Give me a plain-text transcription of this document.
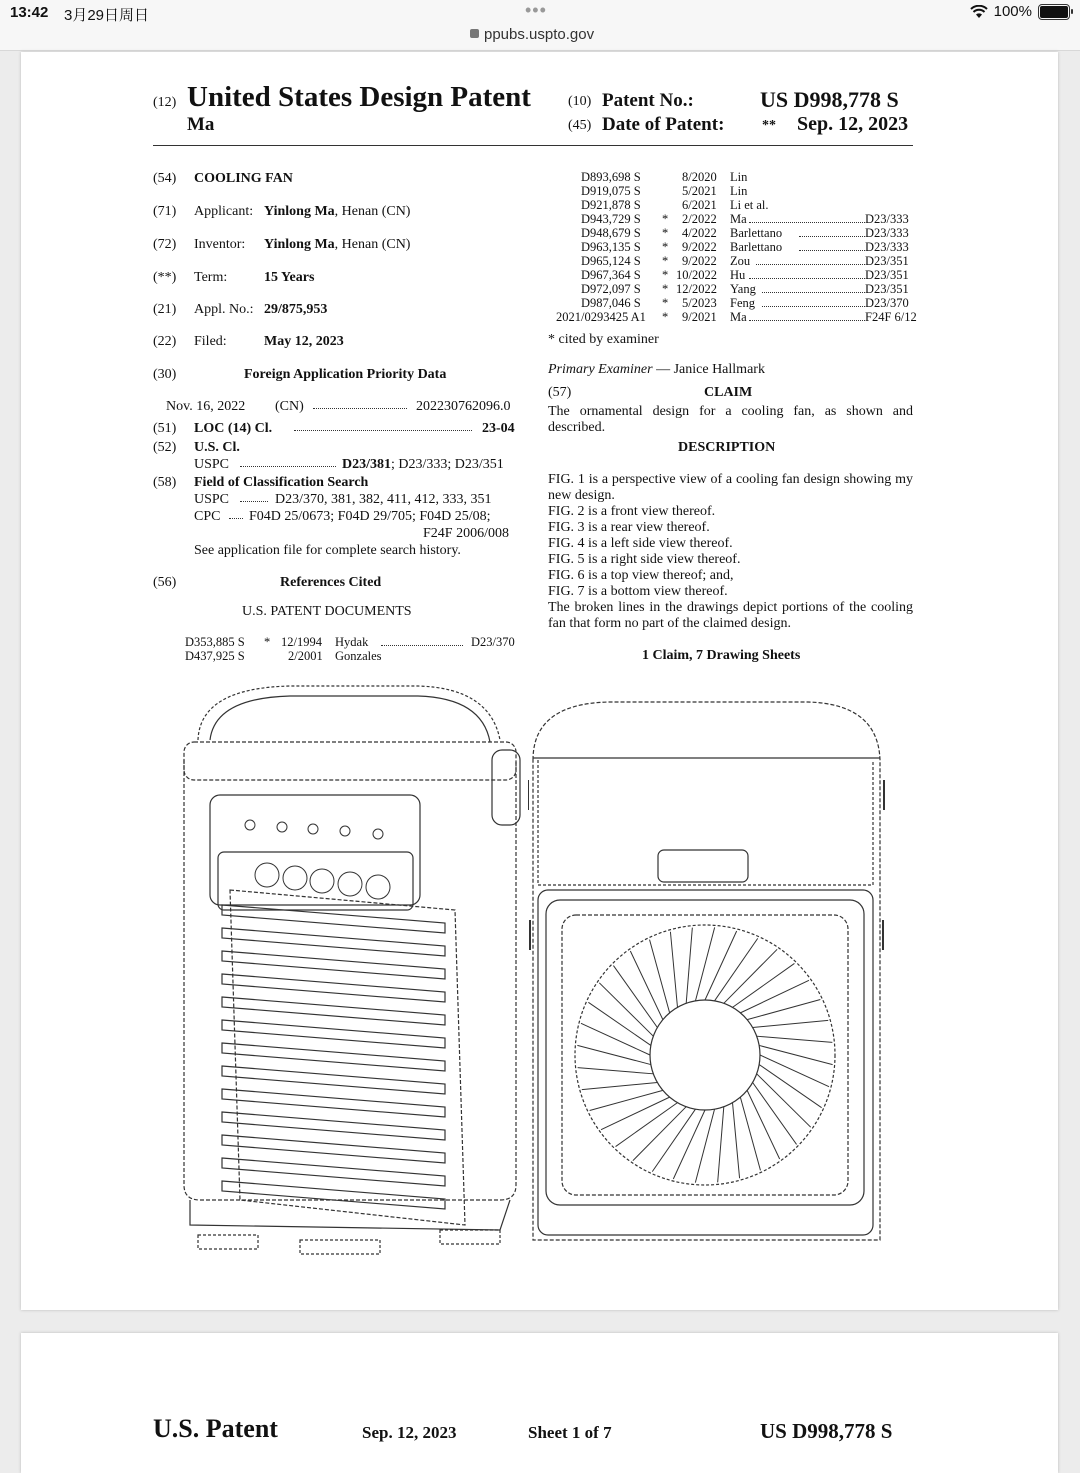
13:42 3月29日周日	•••
ppubs.uspto.gov
100%
(12) United States Design Patent
Ma
(10) Patent No.:	US D998,778 S
(45) Date of Patent:	** Sep. 12, 2023
(54) COOLING FAN
(71) Applicant: Yinlong Ma, Henan (CN)
(72) Inventor: Yinlong Ma, Henan (CN)
(**) Term:	15 Years
(21) Appl. No.: 29/875,953
(22) Filed:	May 12, 2023
(30)	Foreign Application Priority Data
Nov. 16, 2022 (CN)	202230762096.0
(51) LOC (14) Cl.	23-04
(52) U.S. Cl.
USPC	D23/381; D23/333; D23/351
(58) Field of Classification Search
USPC	D23/370, 381, 382, 411, 412, 333, 351
CPC F04D 25/0673; F04D 29/705; F04D 25/08;
F24F 2006/008
See application file for complete search history.
(56)	References Cited
U.S. PATENT DOCUMENTS
D353,885 S * 12/1994 Hydak	D23/370
D437,925 S	2/2001 Gonzales
D893,698 S	8/2020 Lin
D919,075 S	5/2021 Lin
D921,878 S	6/2021 Li et al.
D943,729 S * 2/2022 Ma	D23/333
D948,679 S * 4/2022 Barlettano	D23/333
D963,135 S * 9/2022 Barlettano	D23/333
D965,124 S * 9/2022 Zou	D23/351
D967,364 S * 10/2022 Hu	D23/351
D972,097 S * 12/2022 Yang	D23/351
D987,046 S * 5/2023 Feng	D23/370
2021/0293425 A1 * 9/2021 Ma	F24F 6/12
* cited by examiner
Primary Examiner — Janice Hallmark
(57)	CLAIM
The ornamental design for a cooling fan, as shown and described.
DESCRIPTION

FIG. 1 is a perspective view of a cooling fan design showing my new design.

FIG. 2 is a front view thereof.

FIG. 3 is a rear view thereof.

FIG. 4 is a left side view thereof.

FIG. 5 is a right side view thereof.

FIG. 6 is a top view thereof; and,

FIG. 7 is a bottom view thereof.

The broken lines in the drawings depict portions of the cooling fan that form no part of the claimed design.

1 Claim, 7 Drawing Sheets
U.S. Patent	Sep. 12, 2023	Sheet 1 of 7	US D998,778 S
